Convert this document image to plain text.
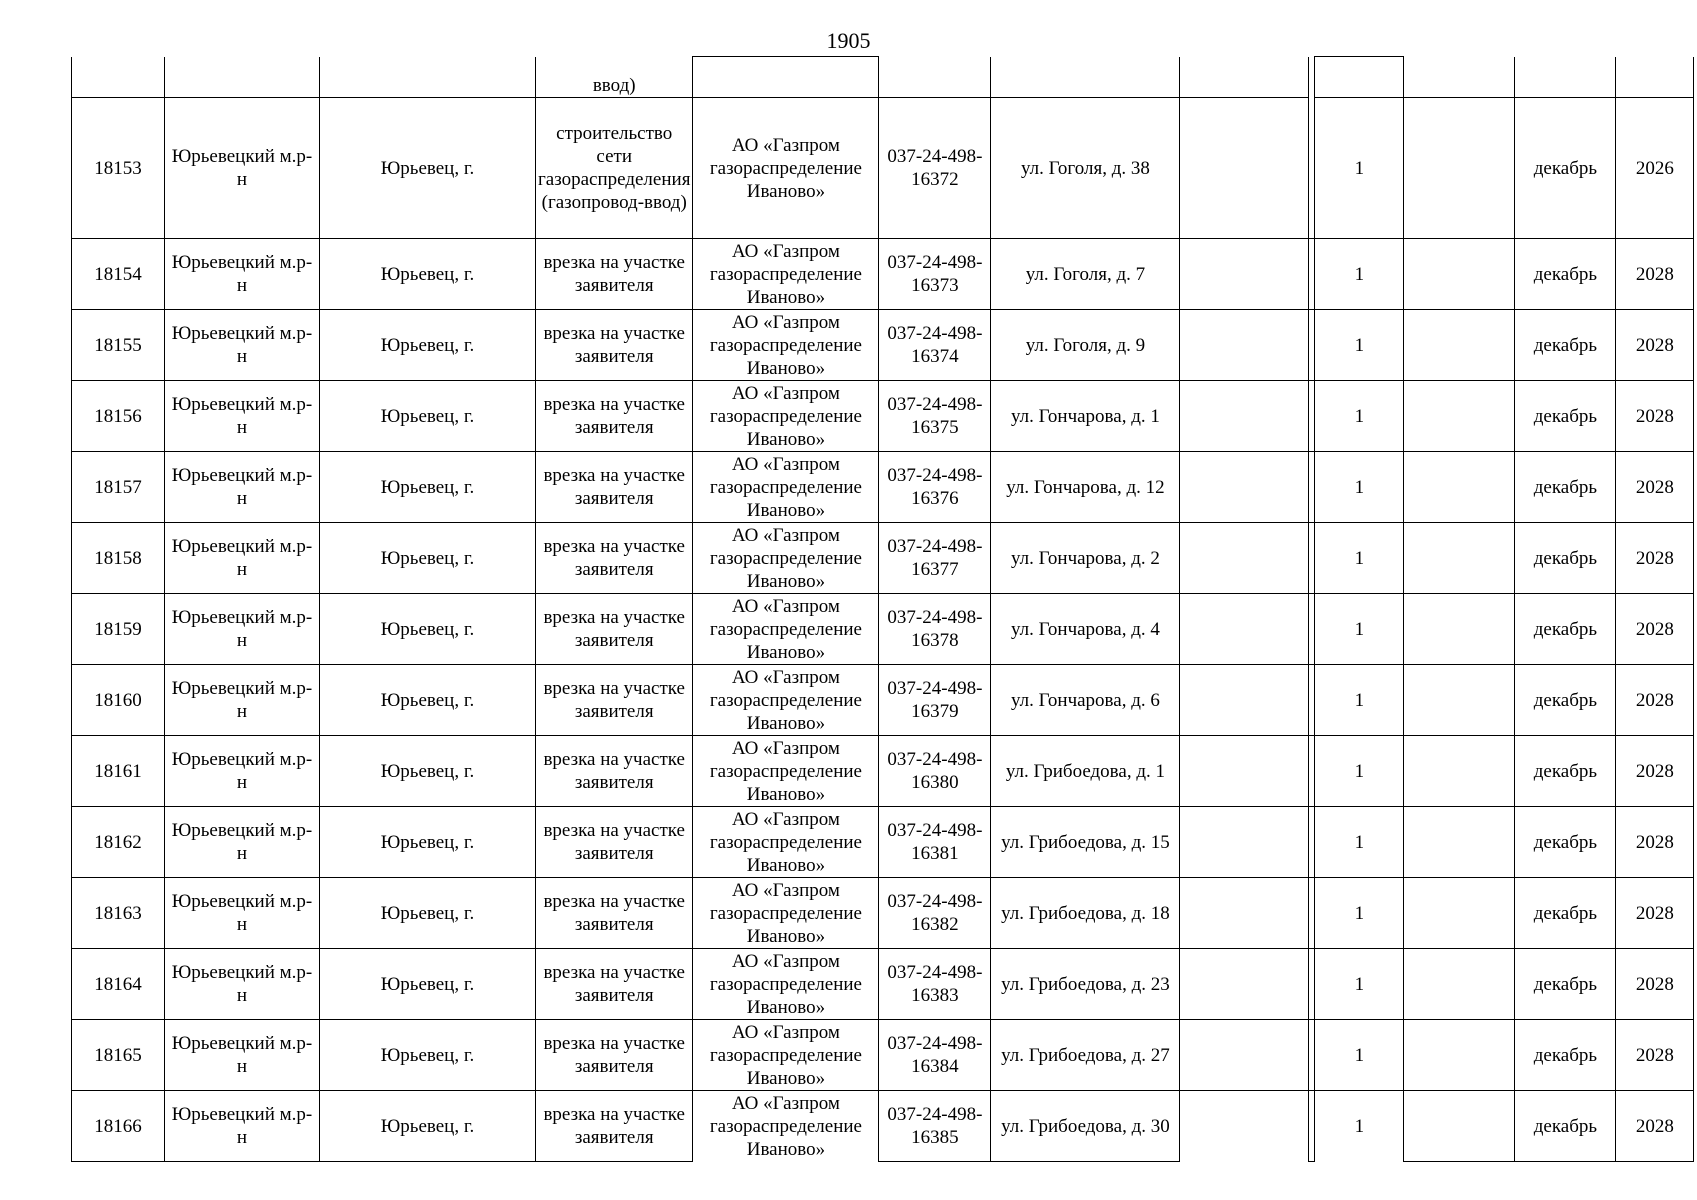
1905
			ввод)									
18153	Юрьевецкий м.р-н	Юрьевец, г.	строительство сети газораспределения (газопровод-ввод)	АО «Газпром газораспределение Иваново»	037-24-498-16372	ул. Гоголя, д. 38			1		декабрь	2026
18154	Юрьевецкий м.р-н	Юрьевец, г.	врезка на участке заявителя	АО «Газпром газораспределение Иваново»	037-24-498-16373	ул. Гоголя, д. 7			1		декабрь	2028
18155	Юрьевецкий м.р-н	Юрьевец, г.	врезка на участке заявителя	АО «Газпром газораспределение Иваново»	037-24-498-16374	ул. Гоголя, д. 9			1		декабрь	2028
18156	Юрьевецкий м.р-н	Юрьевец, г.	врезка на участке заявителя	АО «Газпром газораспределение Иваново»	037-24-498-16375	ул. Гончарова, д. 1			1		декабрь	2028
18157	Юрьевецкий м.р-н	Юрьевец, г.	врезка на участке заявителя	АО «Газпром газораспределение Иваново»	037-24-498-16376	ул. Гончарова, д. 12			1		декабрь	2028
18158	Юрьевецкий м.р-н	Юрьевец, г.	врезка на участке заявителя	АО «Газпром газораспределение Иваново»	037-24-498-16377	ул. Гончарова, д. 2			1		декабрь	2028
18159	Юрьевецкий м.р-н	Юрьевец, г.	врезка на участке заявителя	АО «Газпром газораспределение Иваново»	037-24-498-16378	ул. Гончарова, д. 4			1		декабрь	2028
18160	Юрьевецкий м.р-н	Юрьевец, г.	врезка на участке заявителя	АО «Газпром газораспределение Иваново»	037-24-498-16379	ул. Гончарова, д. 6			1		декабрь	2028
18161	Юрьевецкий м.р-н	Юрьевец, г.	врезка на участке заявителя	АО «Газпром газораспределение Иваново»	037-24-498-16380	ул. Грибоедова, д. 1			1		декабрь	2028
18162	Юрьевецкий м.р-н	Юрьевец, г.	врезка на участке заявителя	АО «Газпром газораспределение Иваново»	037-24-498-16381	ул. Грибоедова, д. 15			1		декабрь	2028
18163	Юрьевецкий м.р-н	Юрьевец, г.	врезка на участке заявителя	АО «Газпром газораспределение Иваново»	037-24-498-16382	ул. Грибоедова, д. 18			1		декабрь	2028
18164	Юрьевецкий м.р-н	Юрьевец, г.	врезка на участке заявителя	АО «Газпром газораспределение Иваново»	037-24-498-16383	ул. Грибоедова, д. 23			1		декабрь	2028
18165	Юрьевецкий м.р-н	Юрьевец, г.	врезка на участке заявителя	АО «Газпром газораспределение Иваново»	037-24-498-16384	ул. Грибоедова, д. 27			1		декабрь	2028
18166	Юрьевецкий м.р-н	Юрьевец, г.	врезка на участке заявителя	АО «Газпром газораспределение Иваново»	037-24-498-16385	ул. Грибоедова, д. 30			1		декабрь	2028
